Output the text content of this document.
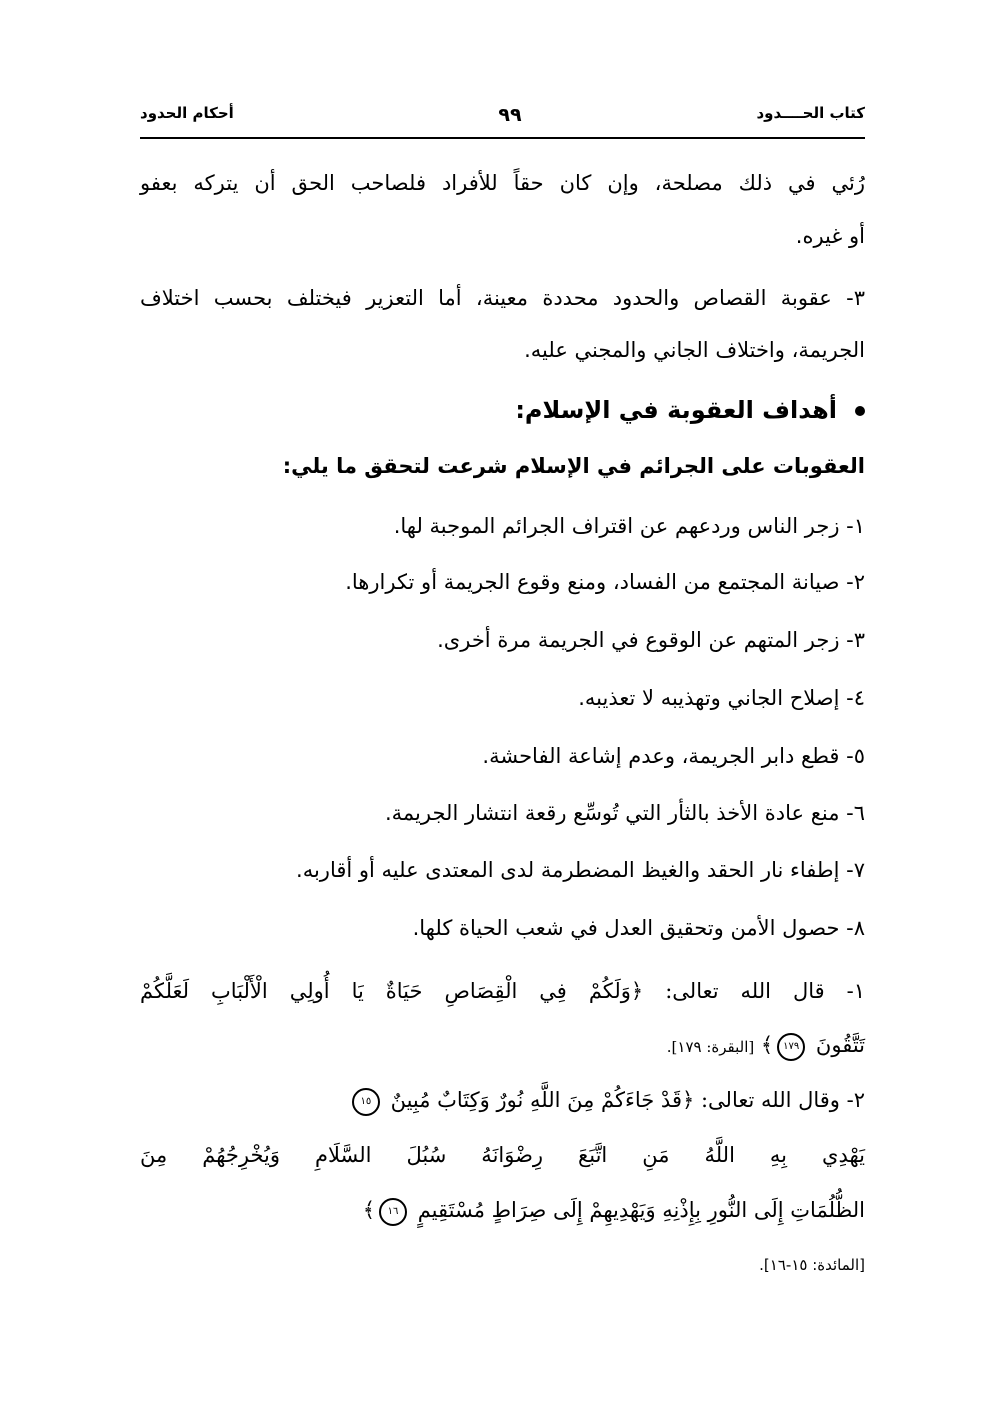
كتاب الحــــدود
٩٩
أحكام الحدود
رُئي في ذلك مصلحة، وإن كان حقاً للأفراد فلصاحب الحق أن يتركه بعفو
أو غيره.
٣- عقوبة القصاص والحدود محددة معينة، أما التعزير فيختلف بحسب اختلاف
الجريمة، واختلاف الجاني والمجني عليه.
أهداف العقوبة في الإسلام:
العقوبات على الجرائم في الإسلام شرعت لتحقق ما يلي:
١- زجر الناس وردعهم عن اقتراف الجرائم الموجبة لها.
٢- صيانة المجتمع من الفساد، ومنع وقوع الجريمة أو تكرارها.
٣- زجر المتهم عن الوقوع في الجريمة مرة أخرى.
٤- إصلاح الجاني وتهذيبه لا تعذيبه.
٥- قطع دابر الجريمة، وعدم إشاعة الفاحشة.
٦- منع عادة الأخذ بالثأر التي تُوسِّع رقعة انتشار الجريمة.
٧- إطفاء نار الحقد والغيظ المضطرمة لدى المعتدى عليه أو أقاربه.
٨- حصول الأمن وتحقيق العدل في شعب الحياة كلها.
١- قال الله تعالى: ﴿وَلَكُمْ فِي الْقِصَاصِ حَيَاةٌ يَا أُولِي الْأَلْبَابِ لَعَلَّكُمْ
تَتَّقُونَ ١٧٩﴾ [البقرة: ١٧٩].
٢- وقال الله تعالى: ﴿قَدْ جَاءَكُمْ مِنَ اللَّهِ نُورٌ وَكِتَابٌ مُبِينٌ ١٥
يَهْدِي بِهِ اللَّهُ مَنِ اتَّبَعَ رِضْوَانَهُ سُبُلَ السَّلَامِ وَيُخْرِجُهُمْ مِنَ
الظُّلُمَاتِ إِلَى النُّورِ بِإِذْنِهِ وَيَهْدِيهِمْ إِلَى صِرَاطٍ مُسْتَقِيمٍ ١٦﴾
[المائدة: ١٥-١٦].
